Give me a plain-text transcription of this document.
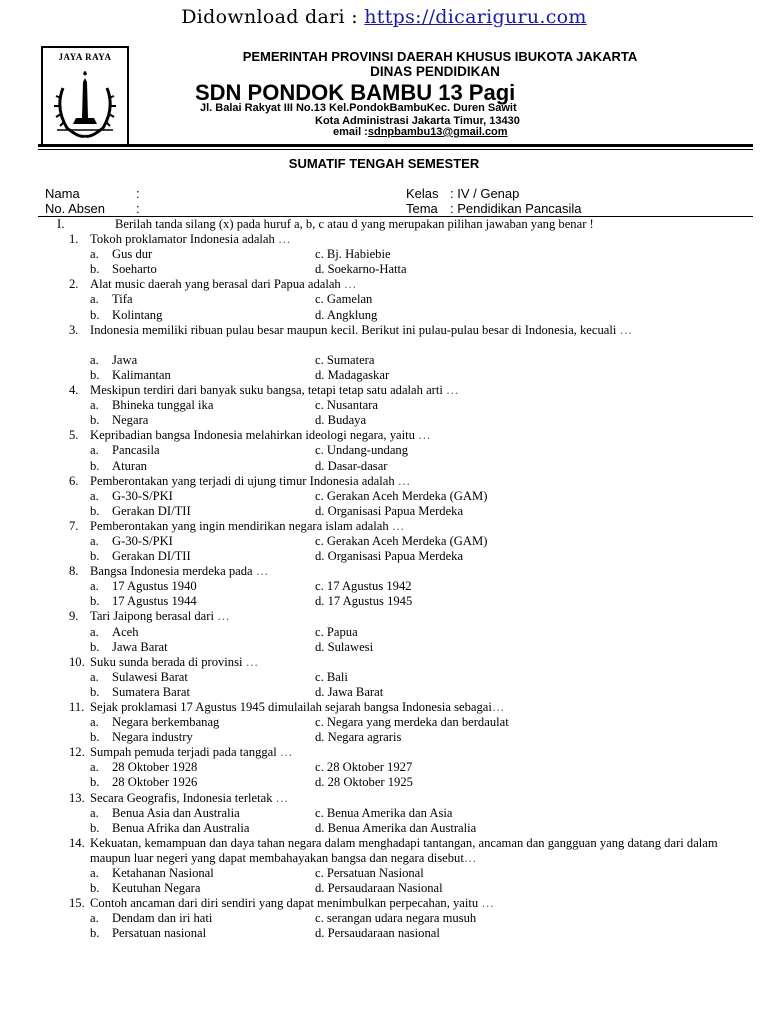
Didownload dari : https://dicariguru.com
JAYA RAYA	PEMERINTAH PROVINSI DAERAH KHUSUS IBUKOTA JAKARTA
DINAS PENDIDIKAN
SDN PONDOK BAMBU 13 Pagi
Jl. Balai Rakyat III No.13 Kel.PondokBambuKec. Duren Sawit
Kota Administrasi Jakarta Timur, 13430
email :sdnpbambu13@gmail.com
SUMATIF TENGAH SEMESTER
Nama	:
No. Absen :
Kelas : IV / Genap
Tema : Pendidikan Pancasila
I.	Berilah tanda silang (x) pada huruf a, b, c atau d yang merupakan pilihan jawaban yang benar !
1. Tokoh proklamator Indonesia adalah …
a. Gus dur	c. Bj. Habiebie
b. Soeharto	d. Soekarno-Hatta
2. Alat music daerah yang berasal dari Papua adalah …
a. Tifa	c. Gamelan
b. Kolintang	d. Angklung
3. Indonesia memiliki ribuan pulau besar maupun kecil. Berikut ini pulau-pulau besar di Indonesia, kecuali …
a. Jawa	c. Sumatera
b. Kalimantan	d. Madagaskar
4. Meskipun terdiri dari banyak suku bangsa, tetapi tetap satu adalah arti …
a. Bhineka tunggal ika	c. Nusantara
b. Negara	d. Budaya
5. Kepribadian bangsa Indonesia melahirkan ideologi negara, yaitu …
a. Pancasila	c. Undang-undang
b. Aturan	d. Dasar-dasar
6. Pemberontakan yang terjadi di ujung timur Indonesia adalah …
a. G-30-S/PKI	c. Gerakan Aceh Merdeka (GAM)
b. Gerakan DI/TII	d. Organisasi Papua Merdeka
7. Pemberontakan yang ingin mendirikan negara islam adalah …
a. G-30-S/PKI	c. Gerakan Aceh Merdeka (GAM)
b. Gerakan DI/TII	d. Organisasi Papua Merdeka
8. Bangsa Indonesia merdeka pada …
a. 17 Agustus 1940	c. 17 Agustus 1942
b. 17 Agustus 1944	d. 17 Agustus 1945
9. Tari Jaipong berasal dari …
a. Aceh	c. Papua
b. Jawa Barat	d. Sulawesi
10. Suku sunda berada di provinsi …
a. Sulawesi Barat	c. Bali
b. Sumatera Barat	d. Jawa Barat
11. Sejak proklamasi 17 Agustus 1945 dimulailah sejarah bangsa Indonesia sebagai…
a. Negara berkembanag	c. Negara yang merdeka dan berdaulat
b. Negara industry	d. Negara agraris
12. Sumpah pemuda terjadi pada tanggal …
a. 28 Oktober 1928	c. 28 Oktober 1927
b. 28 Oktober 1926	d. 28 Oktober 1925
13. Secara Geografis, Indonesia terletak …
a. Benua Asia dan Australia	c. Benua Amerika dan Asia
b. Benua Afrika dan Australia	d. Benua Amerika dan Australia
14. Kekuatan, kemampuan dan daya tahan negara dalam menghadapi tantangan, ancaman dan gangguan yang datang dari dalam maupun luar negeri yang dapat membahayakan bangsa dan negara disebut…
a. Ketahanan Nasional	c. Persatuan Nasional
b. Keutuhan Negara	d. Persaudaraan Nasional
15. Contoh ancaman dari diri sendiri yang dapat menimbulkan perpecahan, yaitu …
a. Dendam dan iri hati	c. serangan udara negara musuh
b. Persatuan nasional	d. Persaudaraan nasional
